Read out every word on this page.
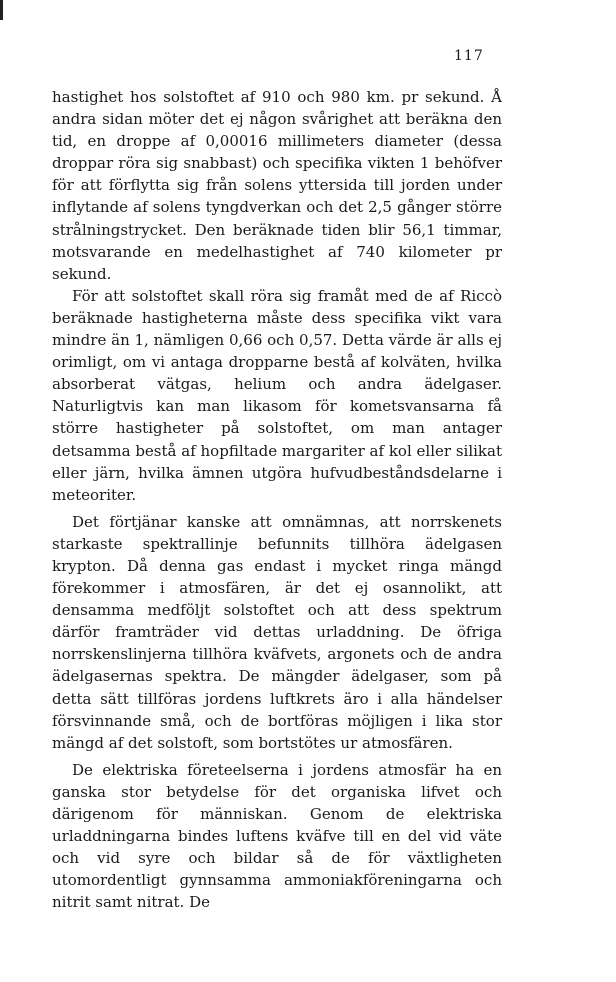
117

hastighet hos solstoftet af 910 och 980 km. pr sekund. Å andra sidan möter det ej någon svårighet att beräkna den tid, en droppe af 0,00016 millimeters diameter (dessa droppar röra sig snabbast) och specifika vikten 1 behöfver för att förflytta sig från solens yttersida till jorden under inflytande af solens tyngdverkan och det 2,5 gånger större strålningstrycket. Den beräknade tiden blir 56,1 timmar, motsvarande en medelhastighet af 740 kilometer pr sekund.

För att solstoftet skall röra sig framåt med de af Riccò beräknade hastigheterna måste dess specifika vikt vara mindre än 1, nämligen 0,66 och 0,57. Detta värde är alls ej orimligt, om vi antaga dropparne bestå af kolväten, hvilka absorberat vätgas, helium och andra ädelgaser. Naturligtvis kan man likasom för kometsvansarna få större hastigheter på solstoftet, om man antager detsamma bestå af hopfiltade margariter af kol eller silikat eller järn, hvilka ämnen utgöra hufvudbeståndsdelarne i meteoriter.

Det förtjänar kanske att omnämnas, att norrskenets starkaste spektrallinje befunnits tillhöra ädelgasen krypton. Då denna gas endast i mycket ringa mängd förekommer i atmosfären, är det ej osannolikt, att densamma medföljt solstoftet och att dess spektrum därför framträder vid dettas urladdning. De öfriga norrskenslinjerna tillhöra kväfvets, argonets och de andra ädelgasernas spektra. De mängder ädelgaser, som på detta sätt tillföras jordens luftkrets äro i alla händelser försvinnande små, och de bortföras möjligen i lika stor mängd af det solstoft, som bortstötes ur atmosfären.

De elektriska företeelserna i jordens atmosfär ha en ganska stor betydelse för det organiska lifvet och därigenom för människan. Genom de elektriska urladdningarna bindes luftens kväfve till en del vid väte och vid syre och bildar så de för växtligheten utomordentligt gynnsamma ammoniakföreningarna och nitrit samt nitrat. De
